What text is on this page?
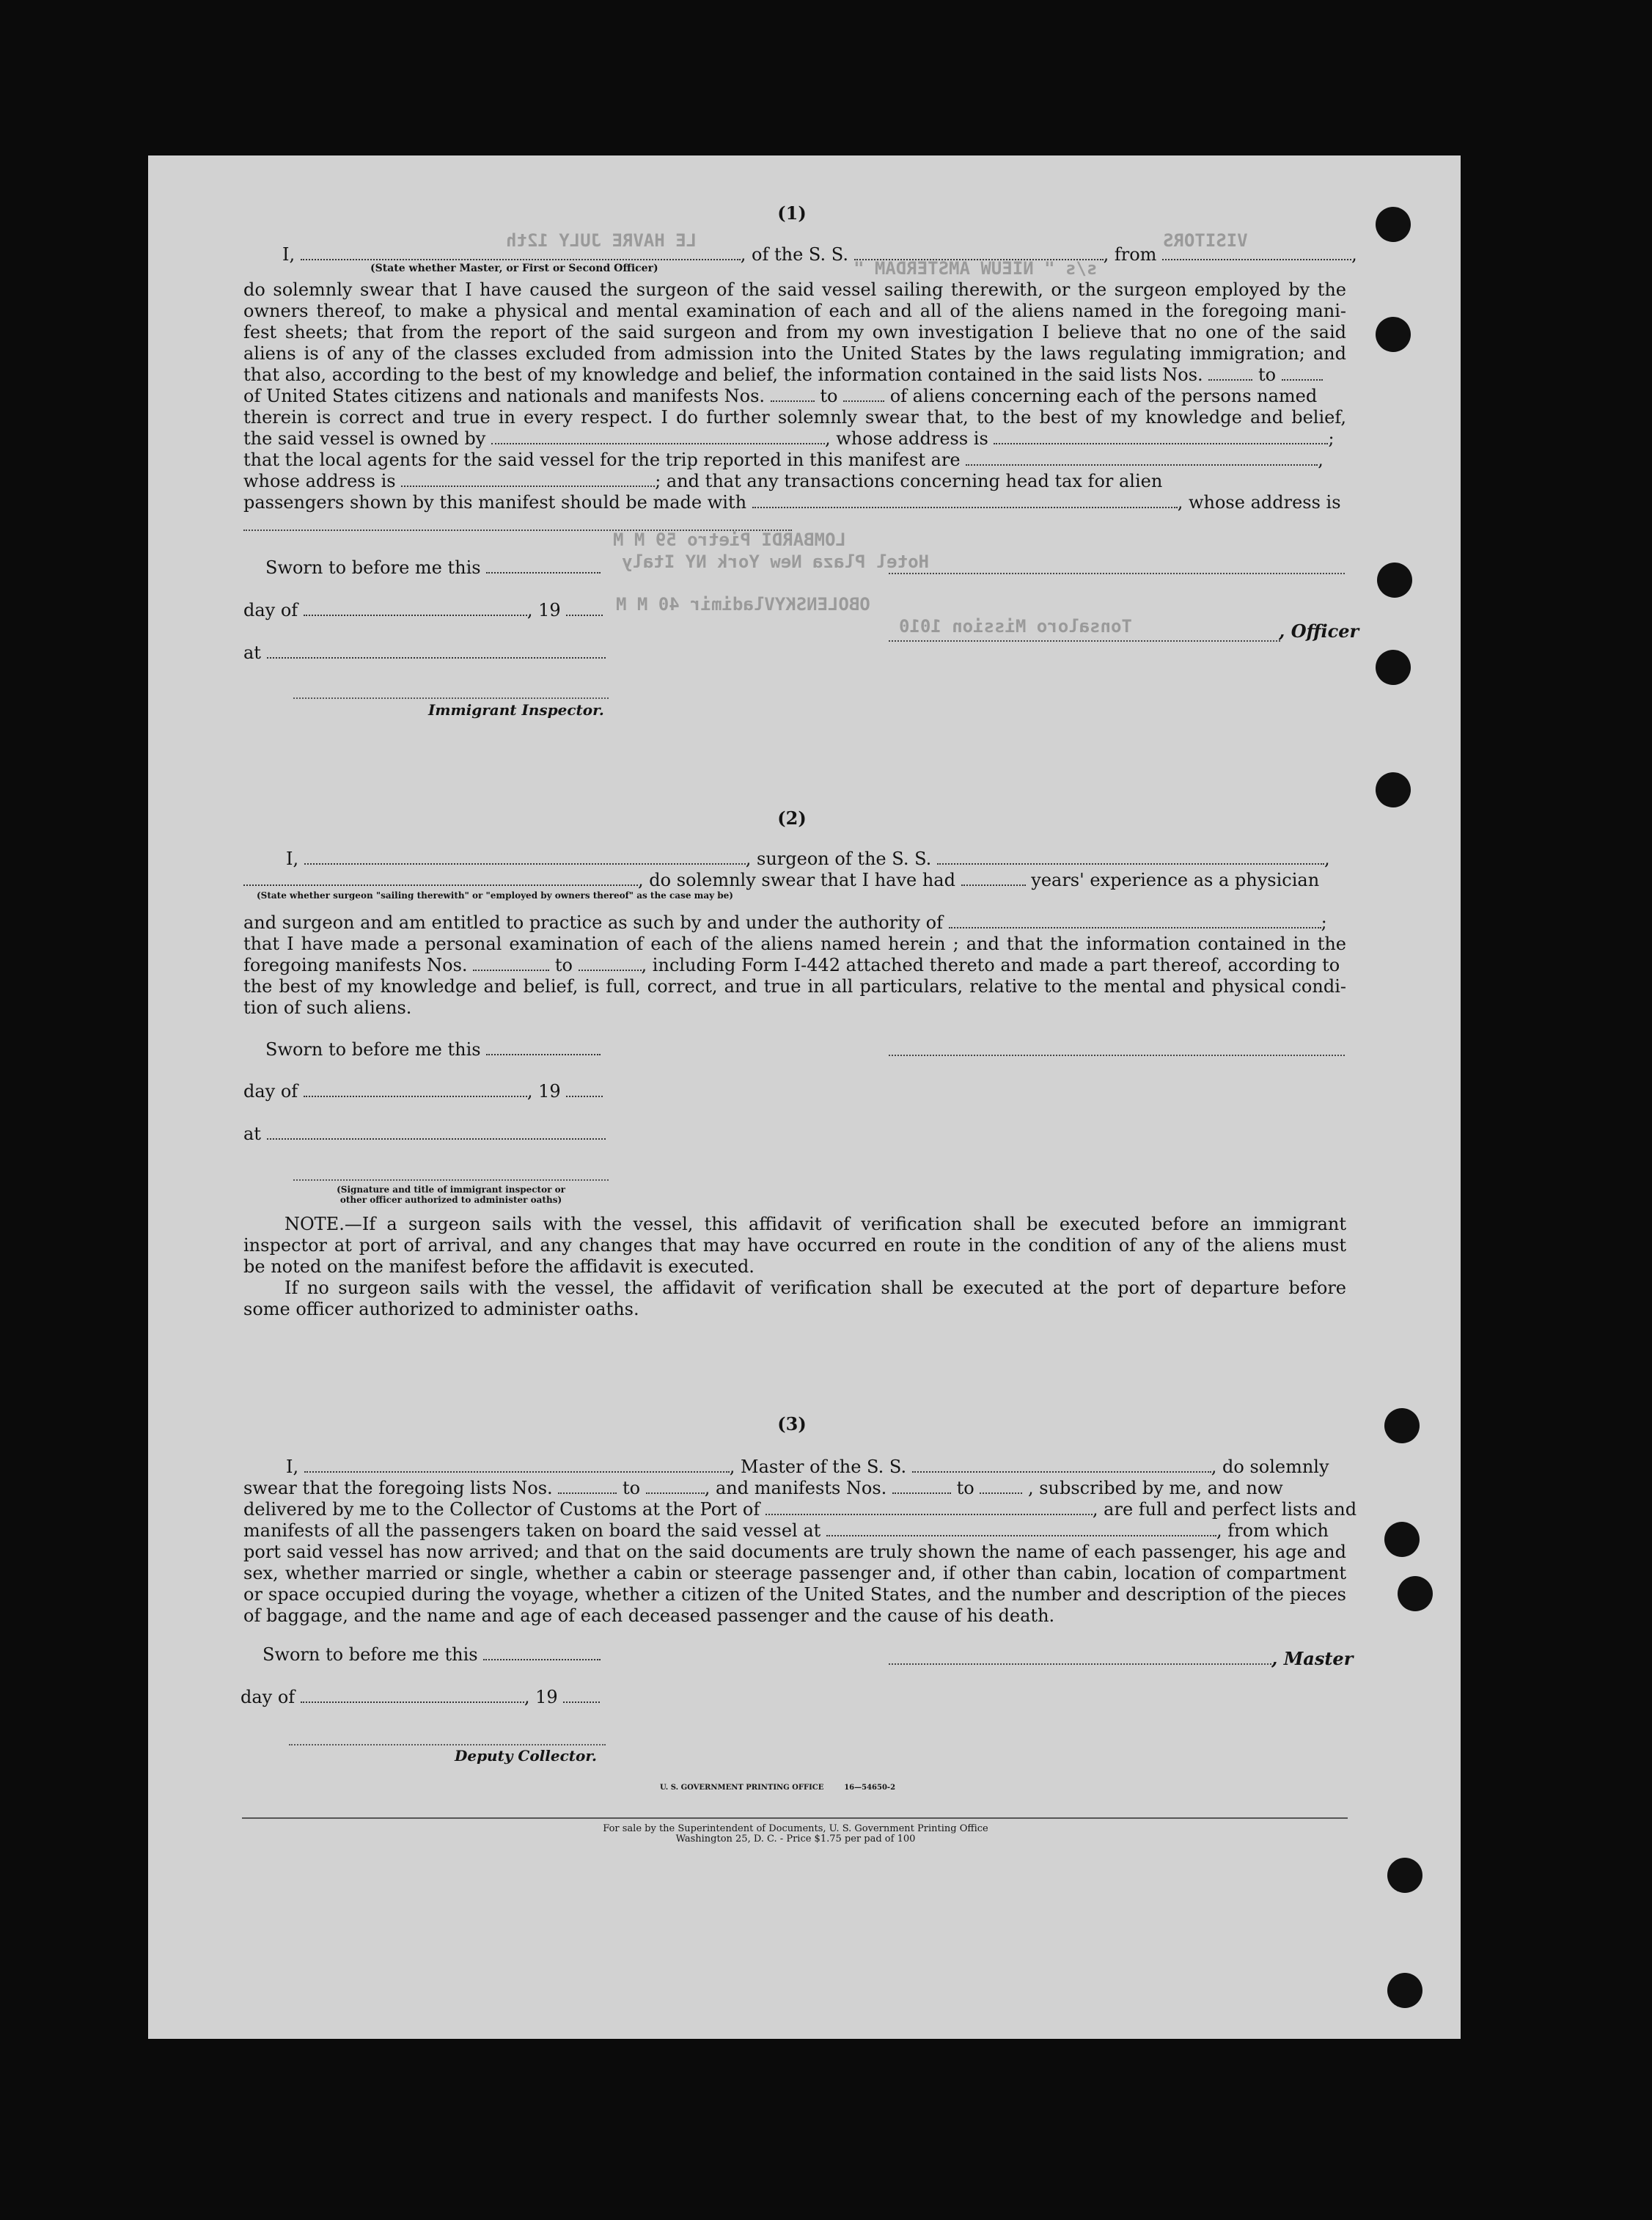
VISITORS
LE HAVRE JULY 12th
s/s " NIEUW AMSTERDAM "
LOMBARDI Pietro 59 M M
Hotel Plaza New York NY Italy
OBOLENSKYVladimir 40 M M
Tonsaloro Mission 1010
(1)
I,	, of the S. S.	, from	,
(State whether Master, or First or Second Officer)
do solemnly swear that I have caused the surgeon of the said vessel sailing therewith, or the surgeon employed by the
owners thereof, to make a physical and mental examination of each and all of the aliens named in the foregoing mani-
fest sheets; that from the report of the said surgeon and from my own investigation I believe that no one of the said
aliens is of any of the classes excluded from admission into the United States by the laws regulating immigration; and
that also, according to the best of my knowledge and belief, the information contained in the said lists Nos.	to
of United States citizens and nationals and manifests Nos.	to	of aliens concerning each of the persons named
therein is correct and true in every respect. I do further solemnly swear that, to the best of my knowledge and belief,
the said vessel is owned by	, whose address is	;
that the local agents for the said vessel for the trip reported in this manifest are	,
whose address is	; and that any transactions concerning head tax for alien
passengers shown by this manifest should be made with	, whose address is
Sworn to before me this
day of	, 19
, Officer
at
Immigrant Inspector.
(2)
I,	, surgeon of the S. S.	,
, do solemnly swear that I have had	years' experience as a physician
(State whether surgeon "sailing therewith" or "employed by owners thereof" as the case may be)
and surgeon and am entitled to practice as such by and under the authority of	;
that I have made a personal examination of each of the aliens named herein ; and that the information contained in the
foregoing manifests Nos.	to	, including Form I-442 attached thereto and made a part thereof, according to
the best of my knowledge and belief, is full, correct, and true in all particulars, relative to the mental and physical condi-
tion of such aliens.
Sworn to before me this
day of	, 19
at
(Signature and title of immigrant inspector or
other officer authorized to administer oaths)
NOTE.—If a surgeon sails with the vessel, this affidavit of verification shall be executed before an immigrant
inspector at port of arrival, and any changes that may have occurred en route in the condition of any of the aliens must
be noted on the manifest before the affidavit is executed.
If no surgeon sails with the vessel, the affidavit of verification shall be executed at the port of departure before
some officer authorized to administer oaths.
(3)
I,	, Master of the S. S.	, do solemnly
swear that the foregoing lists Nos.	to	, and manifests Nos.	to	, subscribed by me, and now
delivered by me to the Collector of Customs at the Port of	, are full and perfect lists and
manifests of all the passengers taken on board the said vessel at	, from which
port said vessel has now arrived; and that on the said documents are truly shown the name of each passenger, his age and
sex, whether married or single, whether a cabin or steerage passenger and, if other than cabin, location of compartment
or space occupied during the voyage, whether a citizen of the United States, and the number and description of the pieces
of baggage, and the name and age of each deceased passenger and the cause of his death.
Sworn to before me this	, Master
day of	, 19
Deputy Collector.
U. S. GOVERNMENT PRINTING OFFICE        16—54650-2
For sale by the Superintendent of Documents, U. S. Government Printing Office
Washington 25, D. C. - Price $1.75 per pad of 100
